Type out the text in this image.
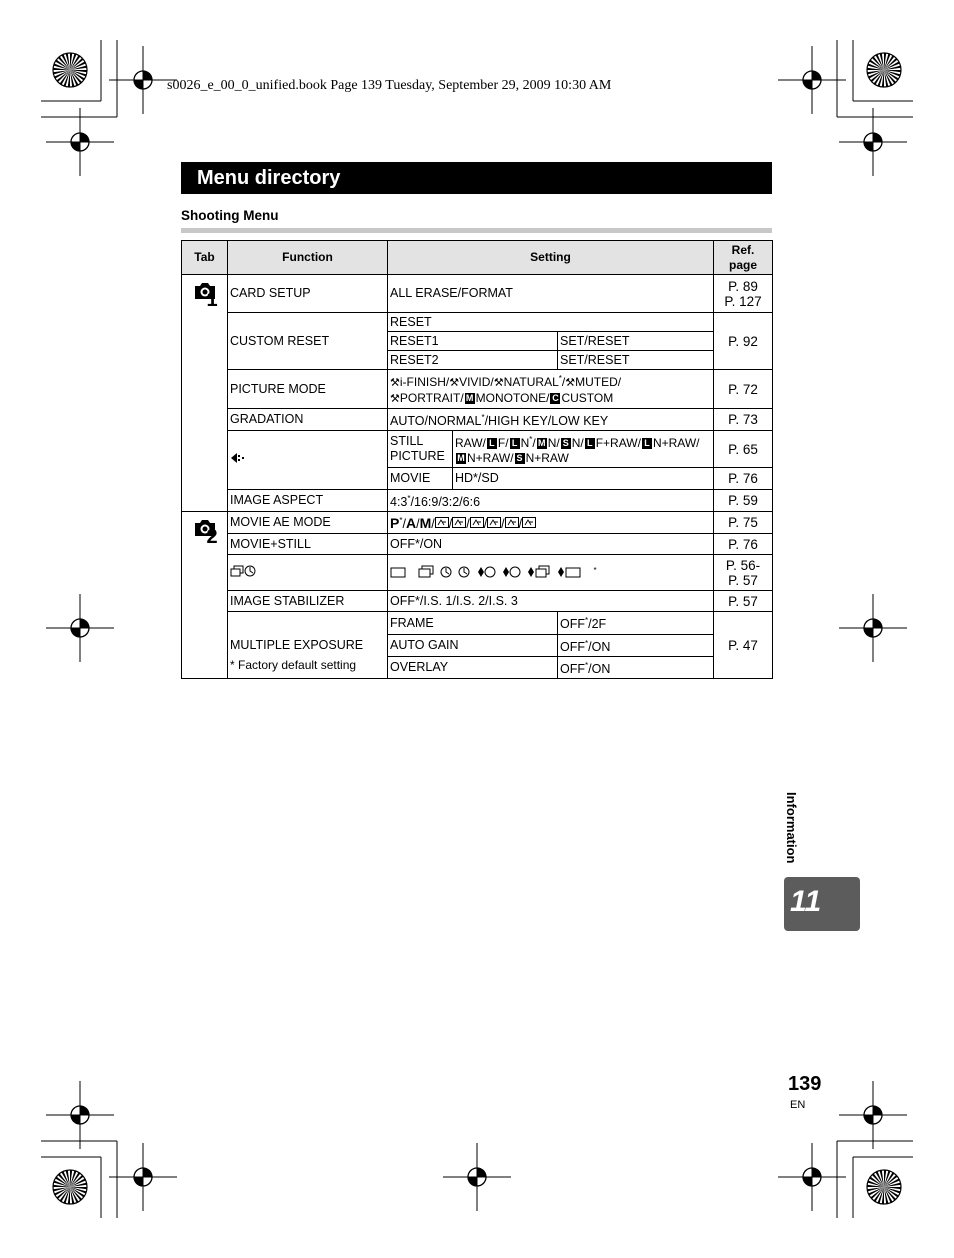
s0026_e_00_0_unified.book Page 139 Tuesday, September 29, 2009 10:30 AM
Menu directory
Shooting Menu
Tab	Function	Setting			Ref.
page

1	CARD SETUP	ALL ERASE/FORMAT			P. 89
P. 127
	CUSTOM RESET	RESET			P. 92
		RESET1		SET/RESET	
		RESET2		SET/RESET	
	PICTURE MODE	⚒i-FINISH/⚒VIVID/⚒NATURAL*/⚒MUTED/
⚒PORTRAIT/ M MONOTONE/ C CUSTOM			P. 72
	GRADATION	AUTO/NORMAL*/HIGH KEY/LOW KEY			P. 73
	STILL
PICTURE	RAW/ L F/ L N*/ M N/ S N/ L F+RAW/ L N+RAW/
M N+RAW/ S N+RAW		P. 65
		MOVIE	HD*/SD		P. 76
	IMAGE ASPECT	4:3*/16:9/3:2/6:6			P. 59

2	MOVIE AE MODE	P*/A/M/ / / / / /			P. 75
	MOVIE+STILL	OFF*/ON			P. 76
	*			P. 56-
P. 57
	IMAGE STABILIZER	OFF*/I.S. 1/I.S. 2/I.S. 3			P. 57
	MULTIPLE EXPOSURE	FRAME		OFF*/2F	P. 47
		AUTO GAIN		OFF*/ON	
		OVERLAY		OFF*/ON	
* Factory default setting
Information
11
139
EN
